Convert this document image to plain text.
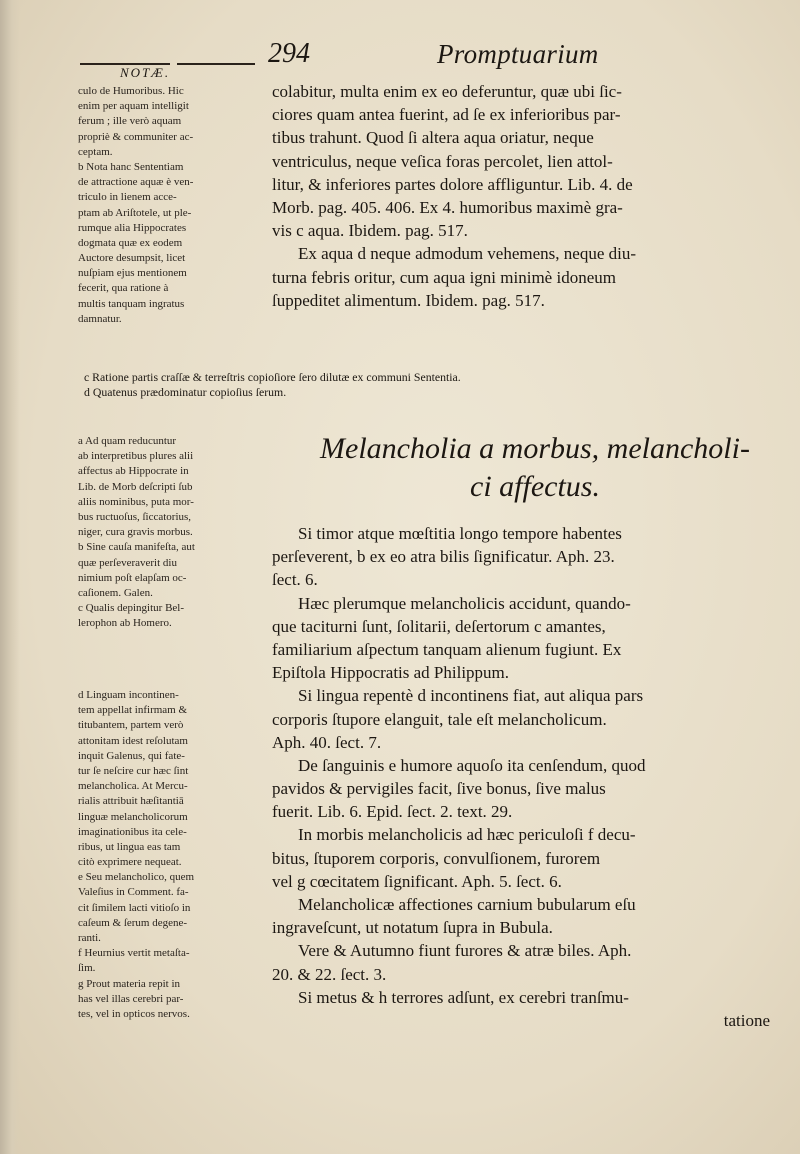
294	Promptuarium
NOTÆ.
culo de Humoribus. Hic
enim per aquam intelligit
ferum ; ille verò aquam
propriè & communiter ac-
ceptam.
b Nota hanc Sententiam
de attractione aquæ è ven-
triculo in lienem acce-
ptam ab Ariſtotele, ut ple-
rumque alia Hippocrates
dogmata quæ ex eodem
Auctore desumpsit, licet
nuſpiam ejus mentionem
fecerit, qua ratione à
multis tanquam ingratus
damnatur.
colabitur, multa enim ex eo deferuntur, quæ ubi ſic-
ciores quam antea fuerint, ad ſe ex inferioribus par-
tibus trahunt. Quod ſi altera aqua oriatur, neque
ventriculus, neque veſica foras percolet, lien attol-
litur, & inferiores partes dolore affliguntur. Lib. 4. de
Morb. pag. 405. 406. Ex 4. humoribus maximè gra-
vis c aqua. Ibidem. pag. 517.
Ex aqua d neque admodum vehemens, neque diu-
turna febris oritur, cum aqua igni minimè idoneum
ſuppeditet alimentum. Ibidem. pag. 517.
c Ratione partis craſſæ & terreſtris copioſiore ſero dilutæ ex communi Sententia.
d Quatenus prædominatur copioſius ſerum.
Melancholia a morbus, melancholi-
ci affectus.
a Ad quam reducuntur
ab interpretibus plures alii
affectus ab Hippocrate in
Lib. de Morb deſcripti ſub
aliis nominibus, puta mor-
bus ructuoſus, ſiccatorius,
niger, cura gravis morbus.
b Sine cauſa manifeſta, aut
quæ perſeveraverit diu
nimium poſt elapſam oc-
caſionem. Galen.
c Qualis depingitur Bel-
lerophon ab Homero.
d Linguam incontinen-
tem appellat infirmam &
titubantem, partem verò
attonitam idest reſolutam
inquit Galenus, qui fate-
tur ſe neſcire cur hæc ſint
melancholica. At Mercu-
rialis attribuit hæſitantiā
linguæ melancholicorum
imaginationibus ita cele-
ribus, ut lingua eas tam
citò exprimere nequeat.
e Seu melancholico, quem
Valeſius in Comment. fa-
cit ſimilem lacti vitioſo in
caſeum & ſerum degene-
ranti.
f Heurnius vertit metaſta-
ſim.
g Prout materia repit in
has vel illas cerebri par-
tes, vel in opticos nervos.
Si timor atque mœſtitia longo tempore habentes
perſeverent, b ex eo atra bilis ſignificatur. Aph. 23.
ſect. 6.
Hæc plerumque melancholicis accidunt, quando-
que taciturni ſunt, ſolitarii, deſertorum c amantes,
familiarium aſpectum tanquam alienum fugiunt. Ex
Epiſtola Hippocratis ad Philippum.
Si lingua repentè d incontinens fiat, aut aliqua pars
corporis ſtupore elanguit, tale eſt melancholicum.
Aph. 40. ſect. 7.
De ſanguinis e humore aquoſo ita cenſendum, quod
pavidos & pervigiles facit, ſive bonus, ſive malus
fuerit. Lib. 6. Epid. ſect. 2. text. 29.
In morbis melancholicis ad hæc periculoſi f decu-
bitus, ſtuporem corporis, convulſionem, furorem
vel g cœcitatem ſignificant. Aph. 5. ſect. 6.
Melancholicæ affectiones carnium bubularum eſu
ingraveſcunt, ut notatum ſupra in Bubula.
Vere & Autumno fiunt furores & atræ biles. Aph.
20. & 22. ſect. 3.
Si metus & h terrores adſunt, ex cerebri tranſmu-
tatione
